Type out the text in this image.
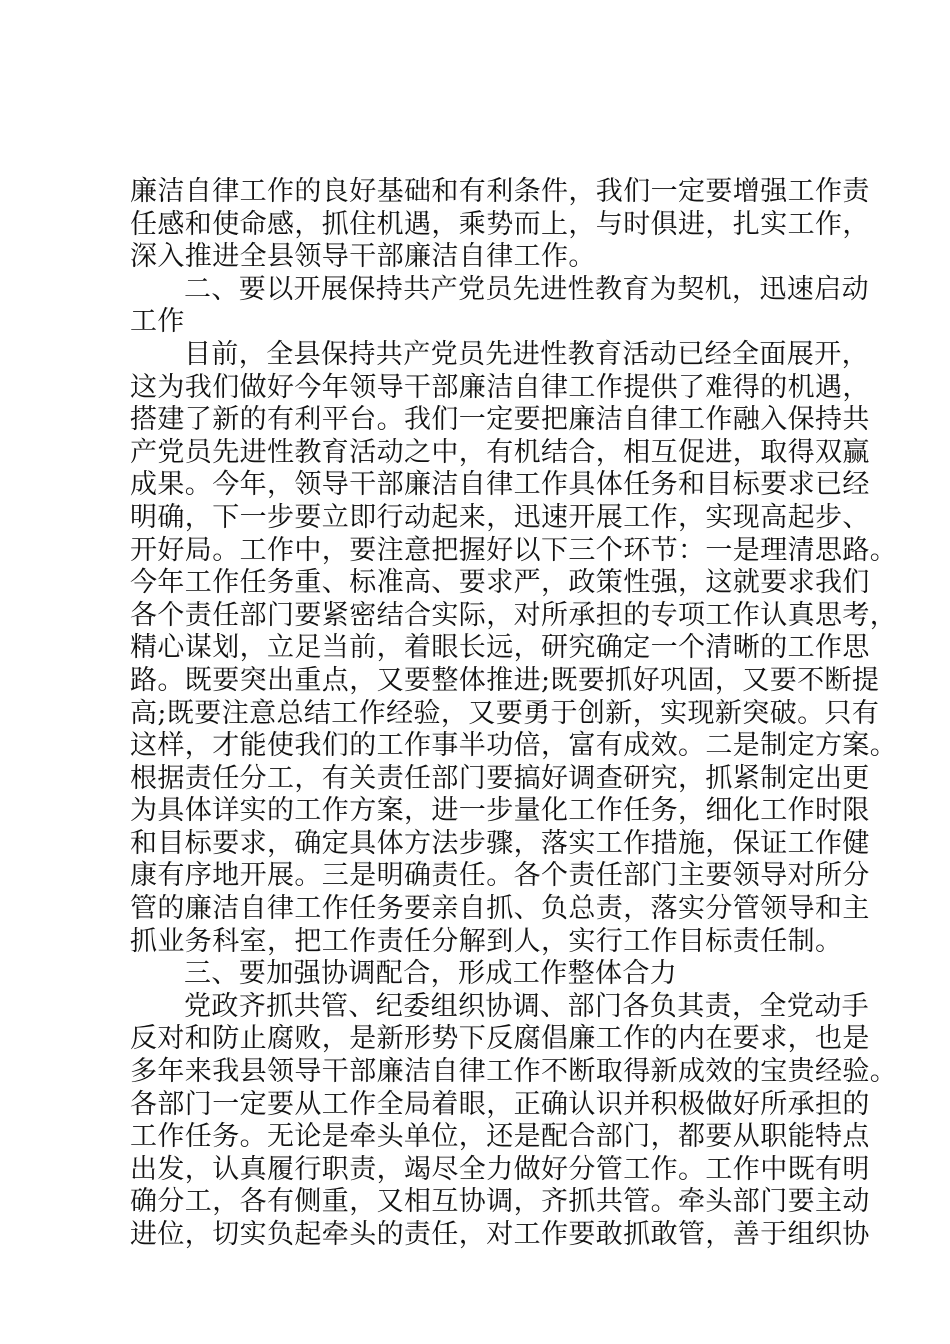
廉洁自律工作的良好基础和有利条件，我们一定要增强工作责
任感和使命感，抓住机遇，乘势而上，与时俱进，扎实工作，
深入推进全县领导干部廉洁自律工作。
二、要以开展保持共产党员先进性教育为契机，迅速启动
工作
目前，全县保持共产党员先进性教育活动已经全面展开，
这为我们做好今年领导干部廉洁自律工作提供了难得的机遇，
搭建了新的有利平台。我们一定要把廉洁自律工作融入保持共
产党员先进性教育活动之中，有机结合，相互促进，取得双赢
成果。今年，领导干部廉洁自律工作具体任务和目标要求已经
明确，下一步要立即行动起来，迅速开展工作，实现高起步、
开好局。工作中，要注意把握好以下三个环节：一是理清思路。
今年工作任务重、标准高、要求严，政策性强，这就要求我们
各个责任部门要紧密结合实际，对所承担的专项工作认真思考，
精心谋划，立足当前，着眼长远，研究确定一个清晰的工作思
路。既要突出重点，又要整体推进;既要抓好巩固，又要不断提
高;既要注意总结工作经验，又要勇于创新，实现新突破。只有
这样，才能使我们的工作事半功倍，富有成效。二是制定方案。
根据责任分工，有关责任部门要搞好调查研究，抓紧制定出更
为具体详实的工作方案，进一步量化工作任务，细化工作时限
和目标要求，确定具体方法步骤，落实工作措施，保证工作健
康有序地开展。三是明确责任。各个责任部门主要领导对所分
管的廉洁自律工作任务要亲自抓、负总责，落实分管领导和主
抓业务科室，把工作责任分解到人，实行工作目标责任制。
三、要加强协调配合，形成工作整体合力
党政齐抓共管、纪委组织协调、部门各负其责，全党动手
反对和防止腐败，是新形势下反腐倡廉工作的内在要求，也是
多年来我县领导干部廉洁自律工作不断取得新成效的宝贵经验。
各部门一定要从工作全局着眼，正确认识并积极做好所承担的
工作任务。无论是牵头单位，还是配合部门，都要从职能特点
出发，认真履行职责，竭尽全力做好分管工作。工作中既有明
确分工，各有侧重，又相互协调，齐抓共管。牵头部门要主动
进位，切实负起牵头的责任，对工作要敢抓敢管，善于组织协
